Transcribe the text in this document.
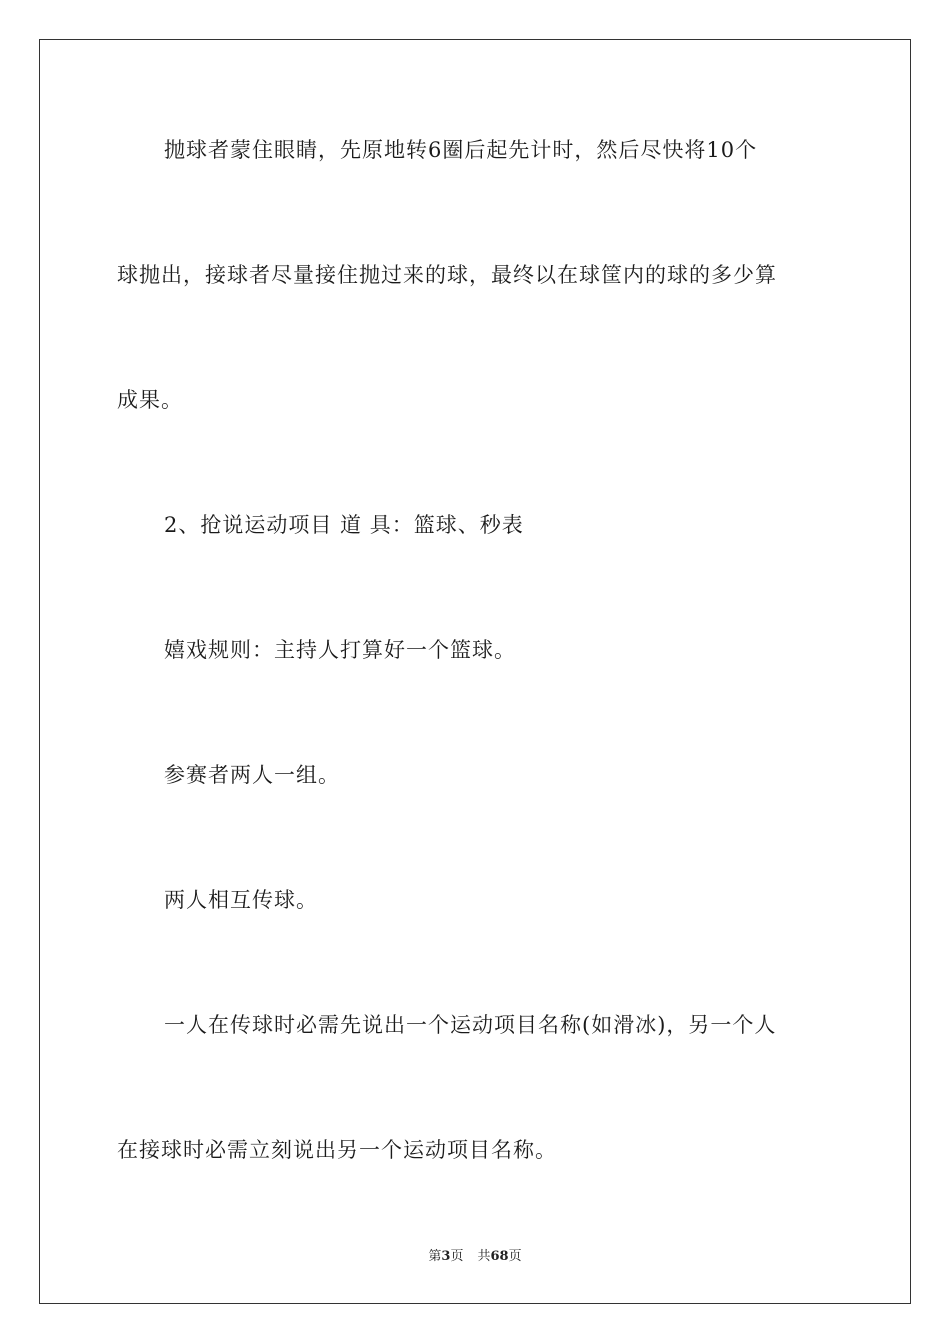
抛球者蒙住眼睛，先原地转6圈后起先计时，然后尽快将10个

球抛出，接球者尽量接住抛过来的球，最终以在球筐内的球的多少算

成果。

2、抢说运动项目 道 具：篮球、秒表

嬉戏规则：主持人打算好一个篮球。

参赛者两人一组。

两人相互传球。

一人在传球时必需先说出一个运动项目名称(如滑冰)，另一个人

在接球时必需立刻说出另一个运动项目名称。

第3页 共68页
